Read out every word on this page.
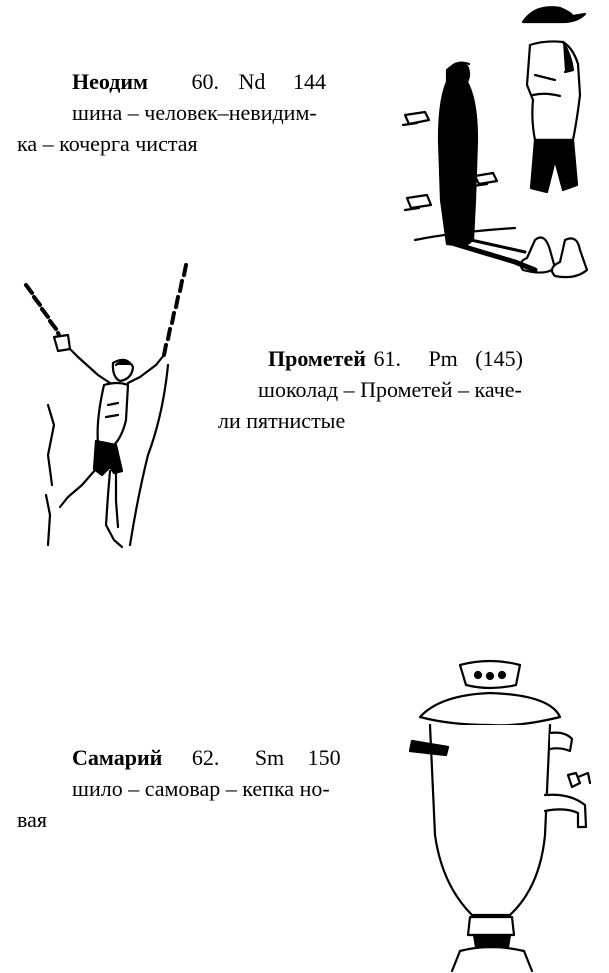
Неодим 60. Nd 144
шина – человек–невидим-
ка – кочерга чистая
Прометей 61. Pm (145)
шоколад – Прометей – каче-
ли пятнистые
Самарий 62. Sm 150
шило – самовар – кепка но-
вая
